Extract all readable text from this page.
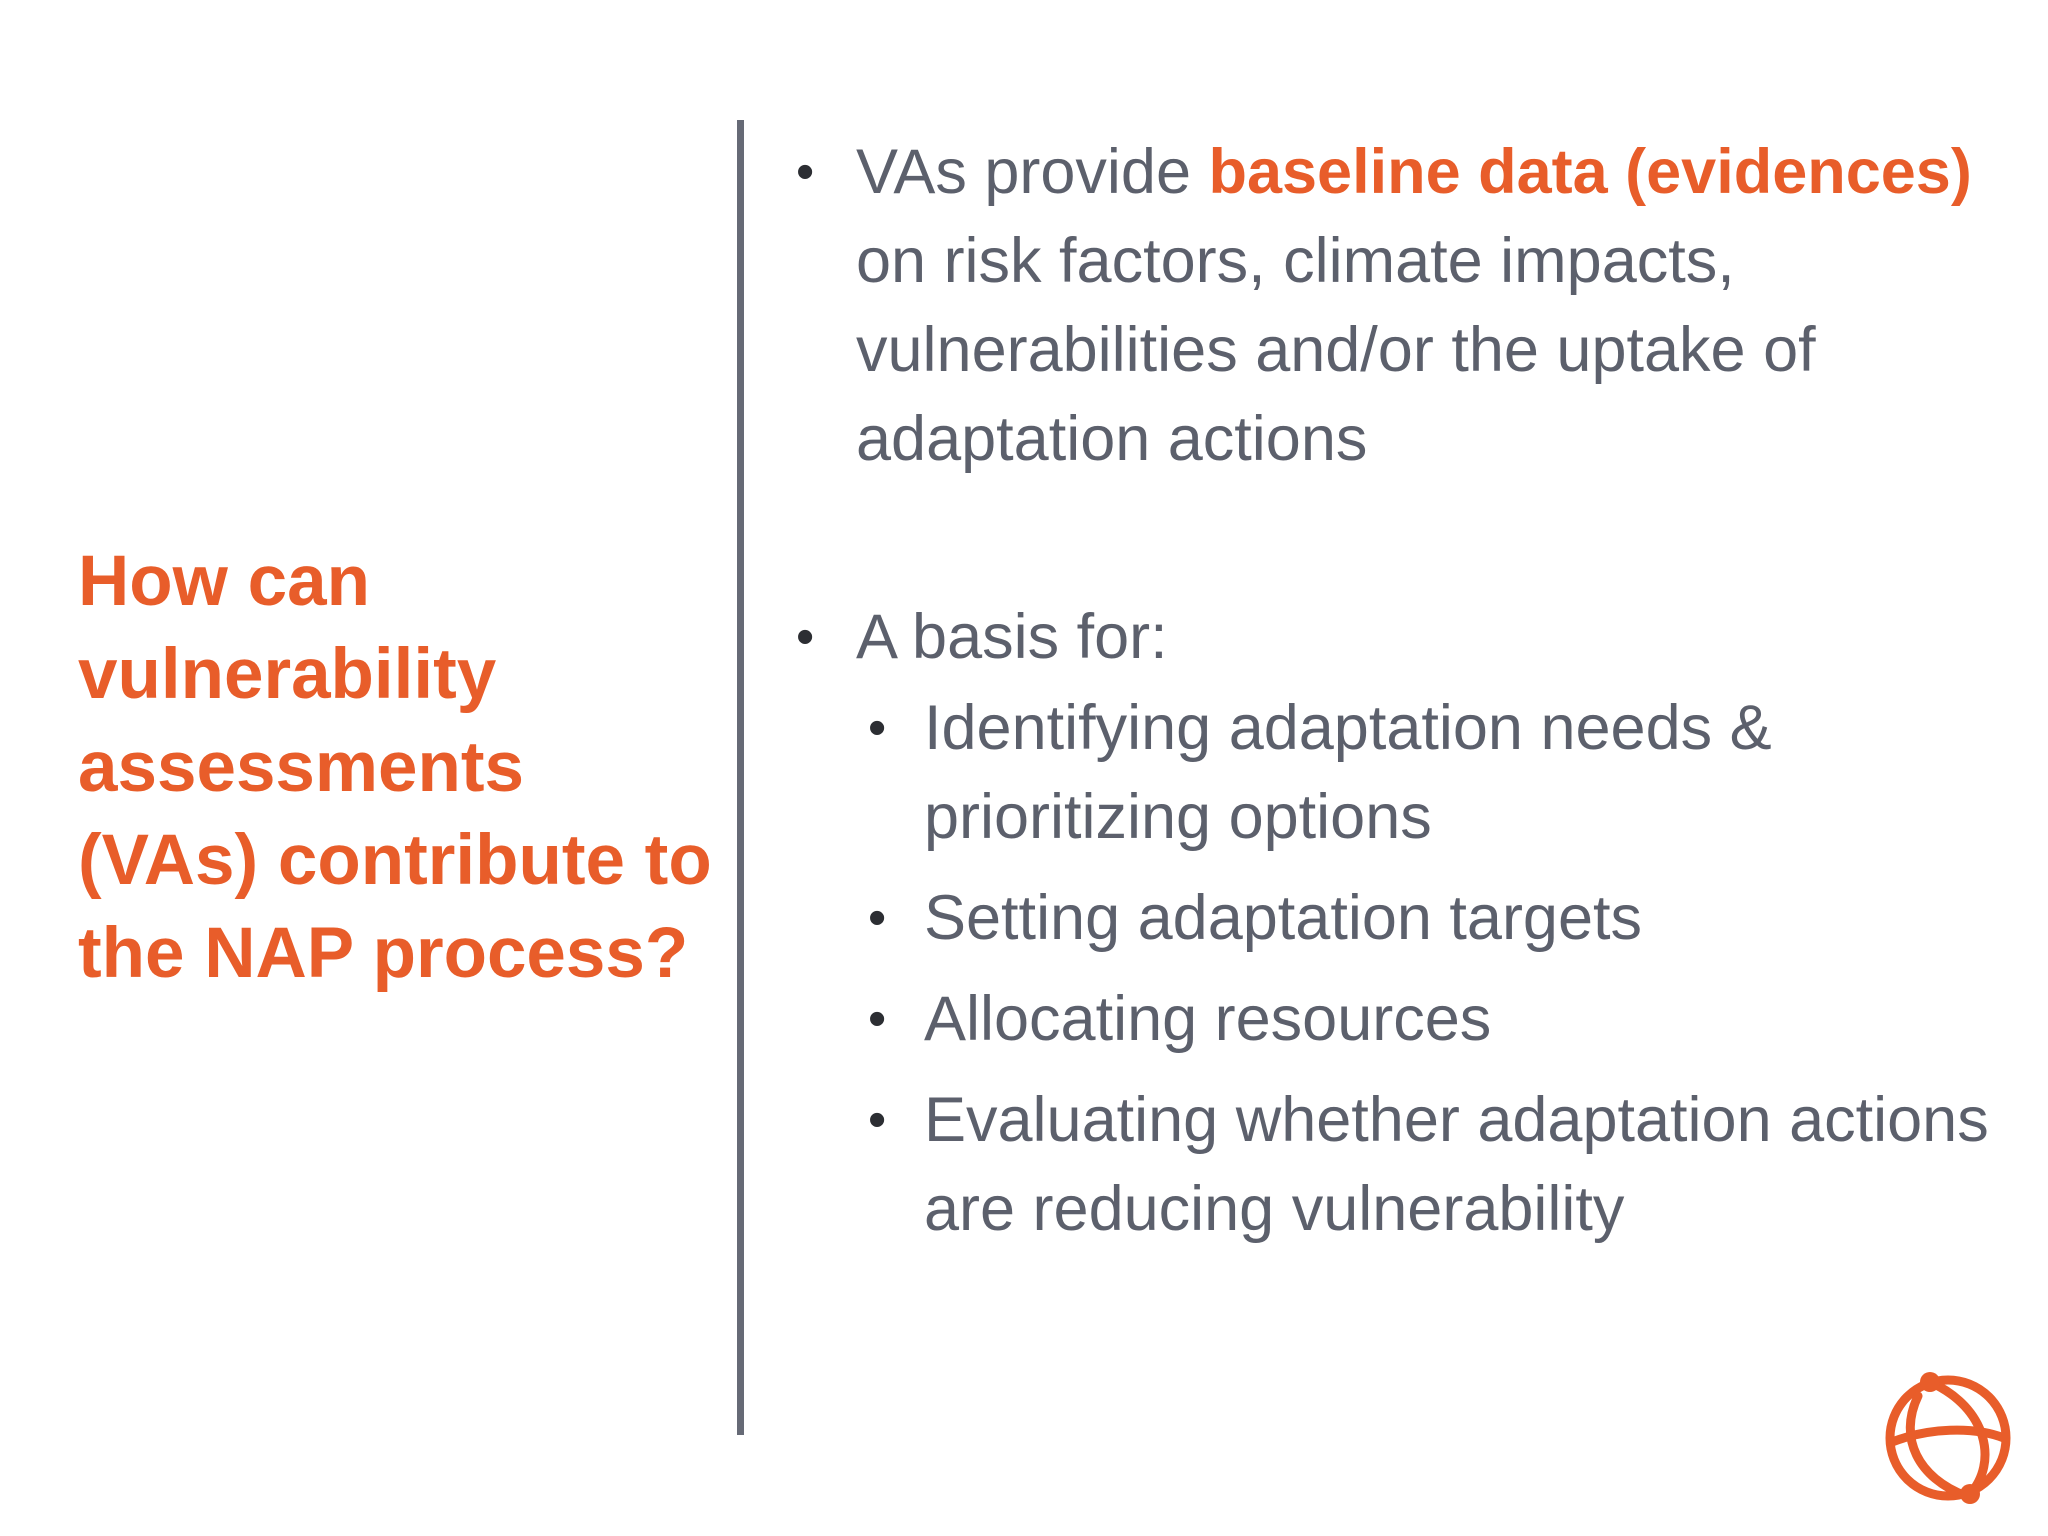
How can vulnerability assessments (VAs) contribute to the NAP process?
• VAs provide baseline data (evidences) on risk factors, climate impacts, vulnerabilities and/or the uptake of adaptation actions
• A basis for:
• Identifying adaptation needs & prioritizing options
• Setting adaptation targets
• Allocating resources
• Evaluating whether adaptation actions are reducing vulnerability
